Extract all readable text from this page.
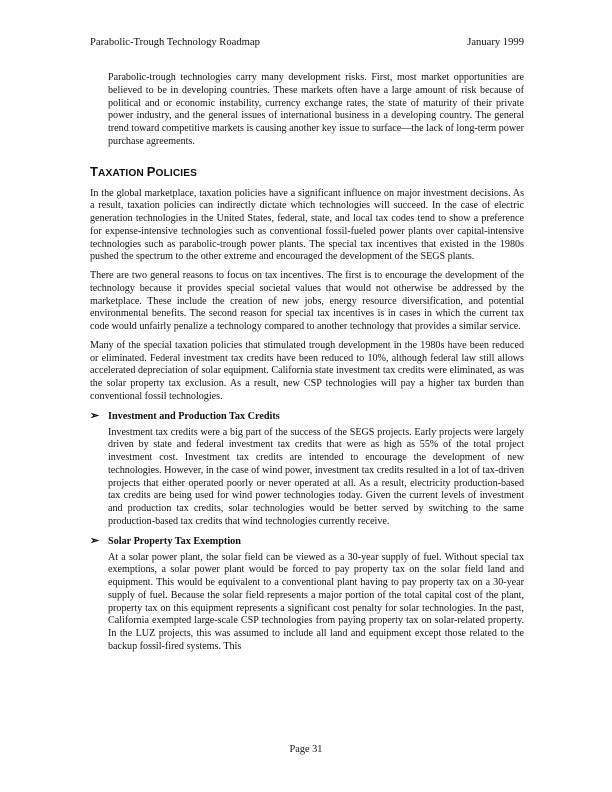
Parabolic-Trough Technology Roadmap	January 1999

Parabolic-trough technologies carry many development risks. First, most market opportunities are believed to be in developing countries. These markets often have a large amount of risk because of political and or economic instability, currency exchange rates, the state of maturity of their private power industry, and the general issues of international business in a developing country. The general trend toward competitive markets is causing another key issue to surface—the lack of long-term power purchase agreements.

TAXATION POLICIES

In the global marketplace, taxation policies have a significant influence on major investment decisions. As a result, taxation policies can indirectly dictate which technologies will succeed. In the case of electric generation technologies in the United States, federal, state, and local tax codes tend to show a preference for expense-intensive technologies such as conventional fossil-fueled power plants over capital-intensive technologies such as parabolic-trough power plants. The special tax incentives that existed in the 1980s pushed the spectrum to the other extreme and encouraged the development of the SEGS plants.

There are two general reasons to focus on tax incentives. The first is to encourage the development of the technology because it provides special societal values that would not otherwise be addressed by the marketplace. These include the creation of new jobs, energy resource diversification, and potential environmental benefits. The second reason for special tax incentives is in cases in which the current tax code would unfairly penalize a technology compared to another technology that provides a similar service.

Many of the special taxation policies that stimulated trough development in the 1980s have been reduced or eliminated. Federal investment tax credits have been reduced to 10%, although federal law still allows accelerated depreciation of solar equipment. California state investment tax credits were eliminated, as was the solar property tax exclusion. As a result, new CSP technologies will pay a higher tax burden than conventional fossil technologies.

➢ Investment and Production Tax Credits

Investment tax credits were a big part of the success of the SEGS projects. Early projects were largely driven by state and federal investment tax credits that were as high as 55% of the total project investment cost. Investment tax credits are intended to encourage the development of new technologies. However, in the case of wind power, investment tax credits resulted in a lot of tax-driven projects that either operated poorly or never operated at all. As a result, electricity production-based tax credits are being used for wind power technologies today. Given the current levels of investment and production tax credits, solar technologies would be better served by switching to the same production-based tax credits that wind technologies currently receive.

➢ Solar Property Tax Exemption

At a solar power plant, the solar field can be viewed as a 30-year supply of fuel. Without special tax exemptions, a solar power plant would be forced to pay property tax on the solar field land and equipment. This would be equivalent to a conventional plant having to pay property tax on a 30-year supply of fuel. Because the solar field represents a major portion of the total capital cost of the plant, property tax on this equipment represents a significant cost penalty for solar technologies. In the past, California exempted large-scale CSP technologies from paying property tax on solar-related property. In the LUZ projects, this was assumed to include all land and equipment except those related to the backup fossil-fired systems. This

Page 31
